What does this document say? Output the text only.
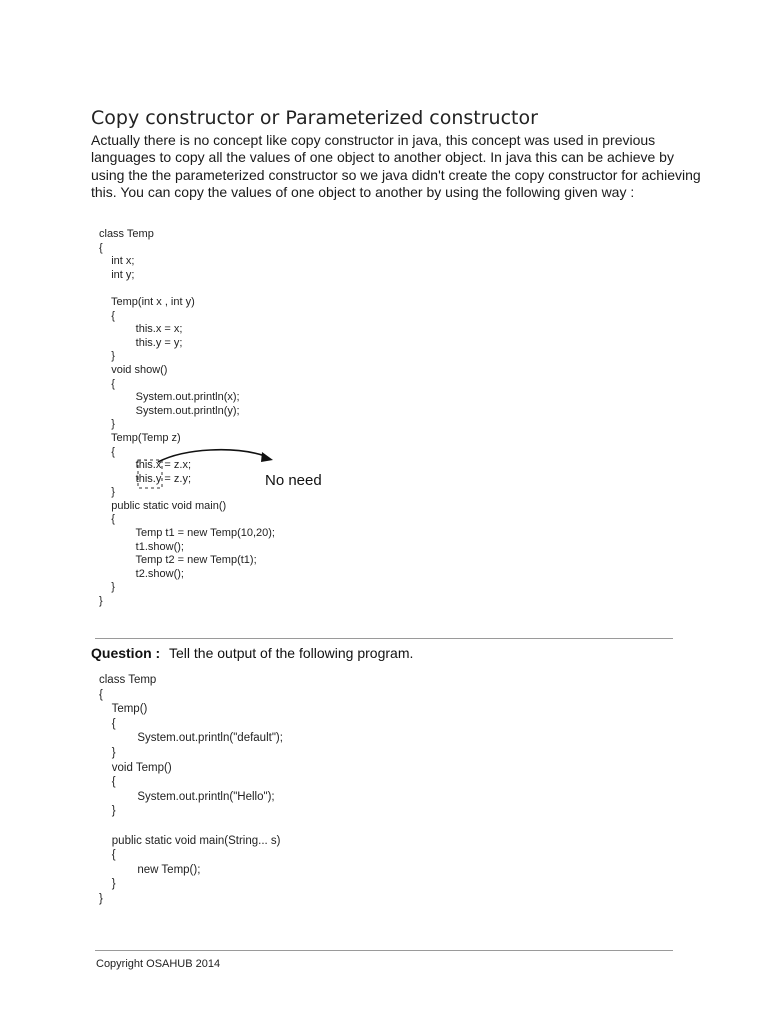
Copy constructor or Parameterized constructor
Actually there is no concept like copy constructor in java, this concept was used in previous languages to copy all the values of one object to another object. In java this can be achieve by using the the parameterized constructor so we java didn't create the copy constructor for achieving this. You can copy the values of one object to another by using the following given way :
class Temp
{
int x;
int y;
Temp(int x , int y)
{
this.x = x;
this.y = y;
}
void show()
{
System.out.println(x);
System.out.println(y);
}
Temp(Temp z)
{
this.x = z.x;
this.y = z.y;
}
public static void main()
{
Temp t1 = new Temp(10,20);
t1.show();
Temp t2 = new Temp(t1);
t2.show();
}
}
No need
Question : Tell the output of the following program.
class Temp
{
Temp()
{
System.out.println("default");
}
void Temp()
{
System.out.println("Hello");
}
public static void main(String... s)
{
new Temp();
}
}
Copyright OSAHUB 2014
